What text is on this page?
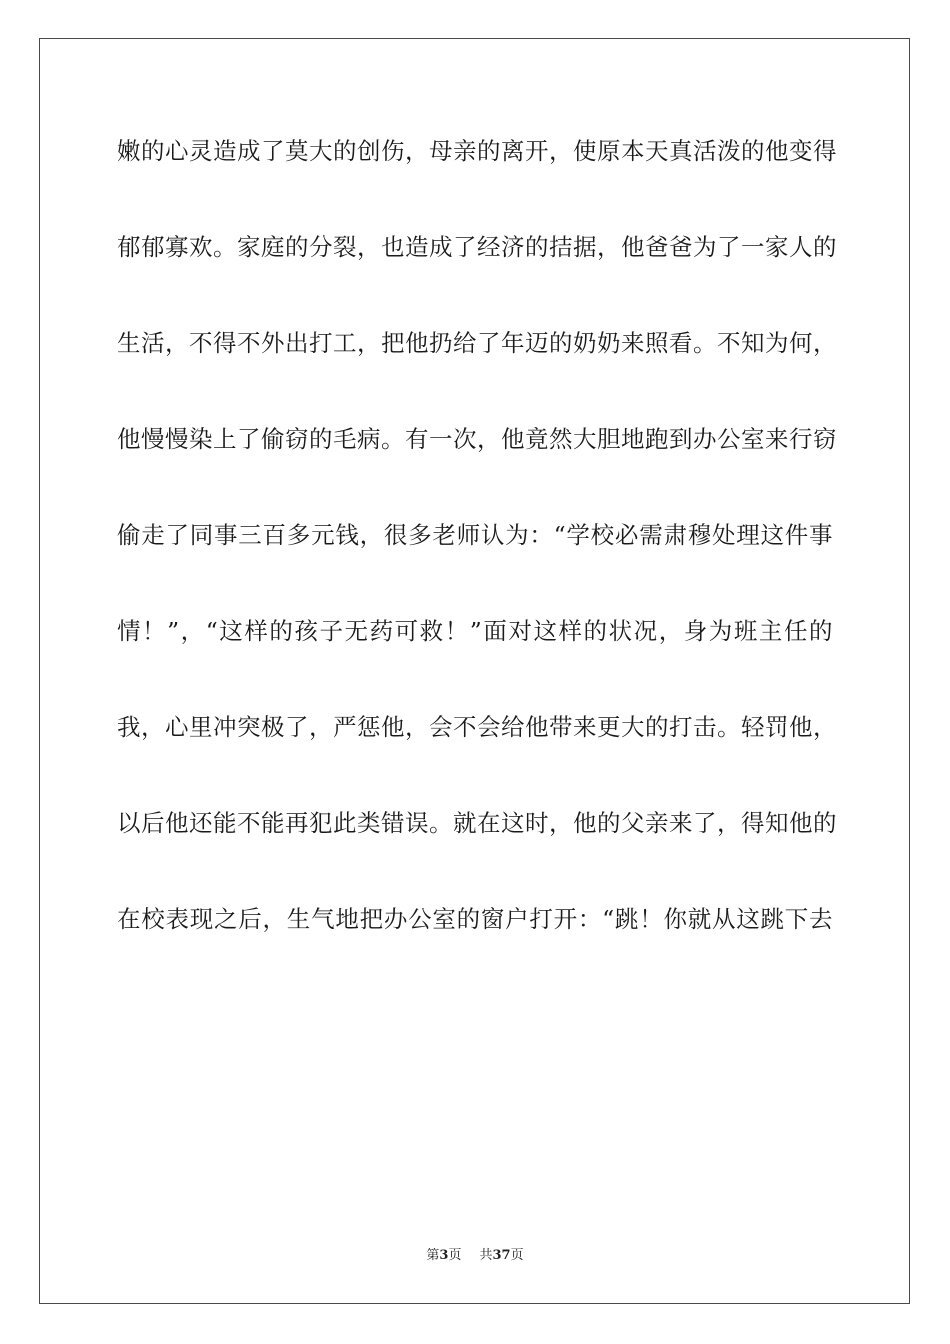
嫩的心灵造成了莫大的创伤，母亲的离开，使原本天真活泼的他变得
郁郁寡欢。家庭的分裂，也造成了经济的拮据，他爸爸为了一家人的
生活，不得不外出打工，把他扔给了年迈的奶奶来照看。不知为何，
他慢慢染上了偷窃的毛病。有一次，他竟然大胆地跑到办公室来行窃
偷走了同事三百多元钱，很多老师认为：“学校必需肃穆处理这件事
情！”，“这样的孩子无药可救！”面对这样的状况，身为班主任的
我，心里冲突极了，严惩他，会不会给他带来更大的打击。轻罚他，
以后他还能不能再犯此类错误。就在这时，他的父亲来了，得知他的
在校表现之后，生气地把办公室的窗户打开：“跳！你就从这跳下去
第3页 共37页
